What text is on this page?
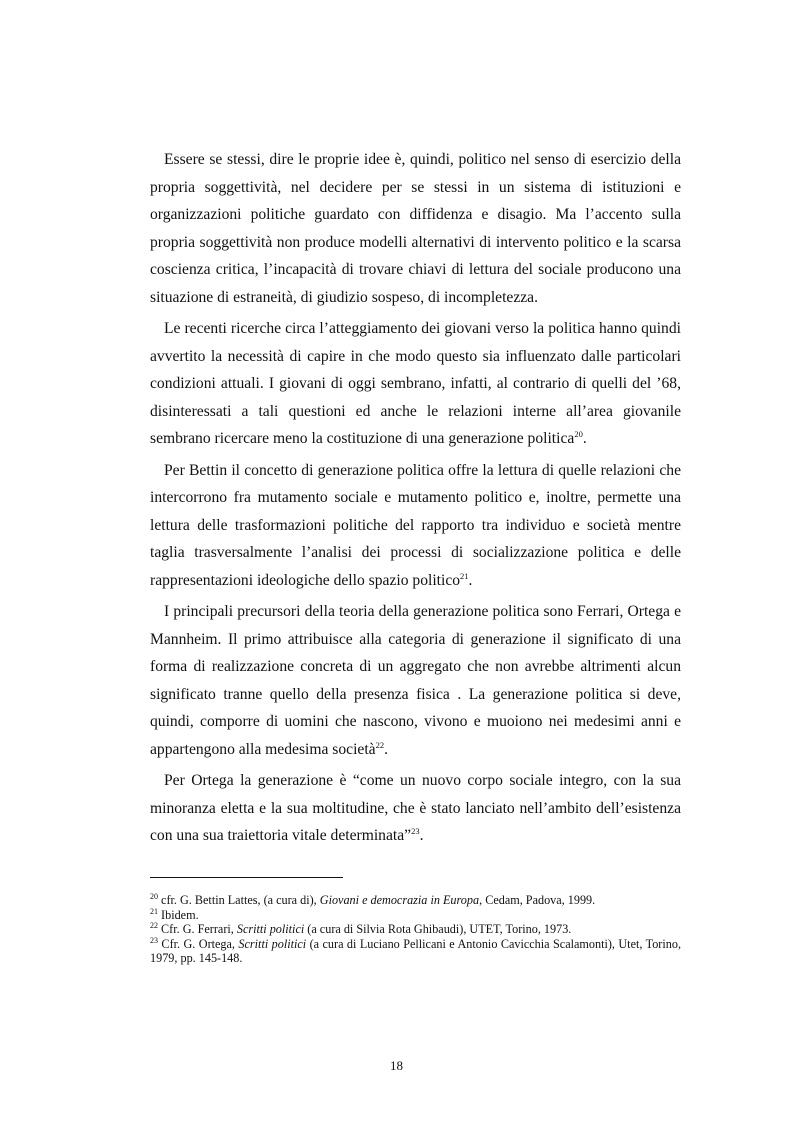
Essere se stessi, dire le proprie idee è, quindi, politico nel senso di esercizio della propria soggettività, nel decidere per se stessi in un sistema di istituzioni e organizzazioni politiche guardato con diffidenza e disagio. Ma l’accento sulla propria soggettività non produce modelli alternativi di intervento politico e la scarsa coscienza critica, l’incapacità di trovare chiavi di lettura del sociale producono una situazione di estraneità, di giudizio sospeso, di incompletezza.

Le recenti ricerche circa l’atteggiamento dei giovani verso la politica hanno quindi avvertito la necessità di capire in che modo questo sia influenzato dalle particolari condizioni attuali. I giovani di oggi sembrano, infatti, al contrario di quelli del ’68, disinteressati a tali questioni ed anche le relazioni interne all’area giovanile sembrano ricercare meno la costituzione di una generazione politica$^{20}$.

Per Bettin il concetto di generazione politica offre la lettura di quelle relazioni che intercorrono fra mutamento sociale e mutamento politico e, inoltre, permette una lettura delle trasformazioni politiche del rapporto tra individuo e società mentre taglia trasversalmente l’analisi dei processi di socializzazione politica e delle rappresentazioni ideologiche dello spazio politico$^{21}$.

I principali precursori della teoria della generazione politica sono Ferrari, Ortega e Mannheim. Il primo attribuisce alla categoria di generazione il significato di una forma di realizzazione concreta di un aggregato che non avrebbe altrimenti alcun significato tranne quello della presenza fisica . La generazione politica si deve, quindi, comporre di uomini che nascono, vivono e muoiono nei medesimi anni e appartengono alla medesima società$^{22}$.

Per Ortega la generazione è “come un nuovo corpo sociale integro, con la sua minoranza eletta e la sua moltitudine, che è stato lanciato nell’ambito dell’esistenza con una sua traiettoria vitale determinata”$^{23}$.

$^{20}$ cfr. G. Bettin Lattes, (a cura di), Giovani e democrazia in Europa, Cedam, Padova, 1999.

$^{21}$ Ibidem.

$^{22}$ Cfr. G. Ferrari, Scritti politici (a cura di Silvia Rota Ghibaudi), UTET, Torino, 1973.

$^{23}$ Cfr. G. Ortega, Scritti politici (a cura di Luciano Pellicani e Antonio Cavicchia Scalamonti), Utet, Torino, 1979, pp. 145-148.

18
